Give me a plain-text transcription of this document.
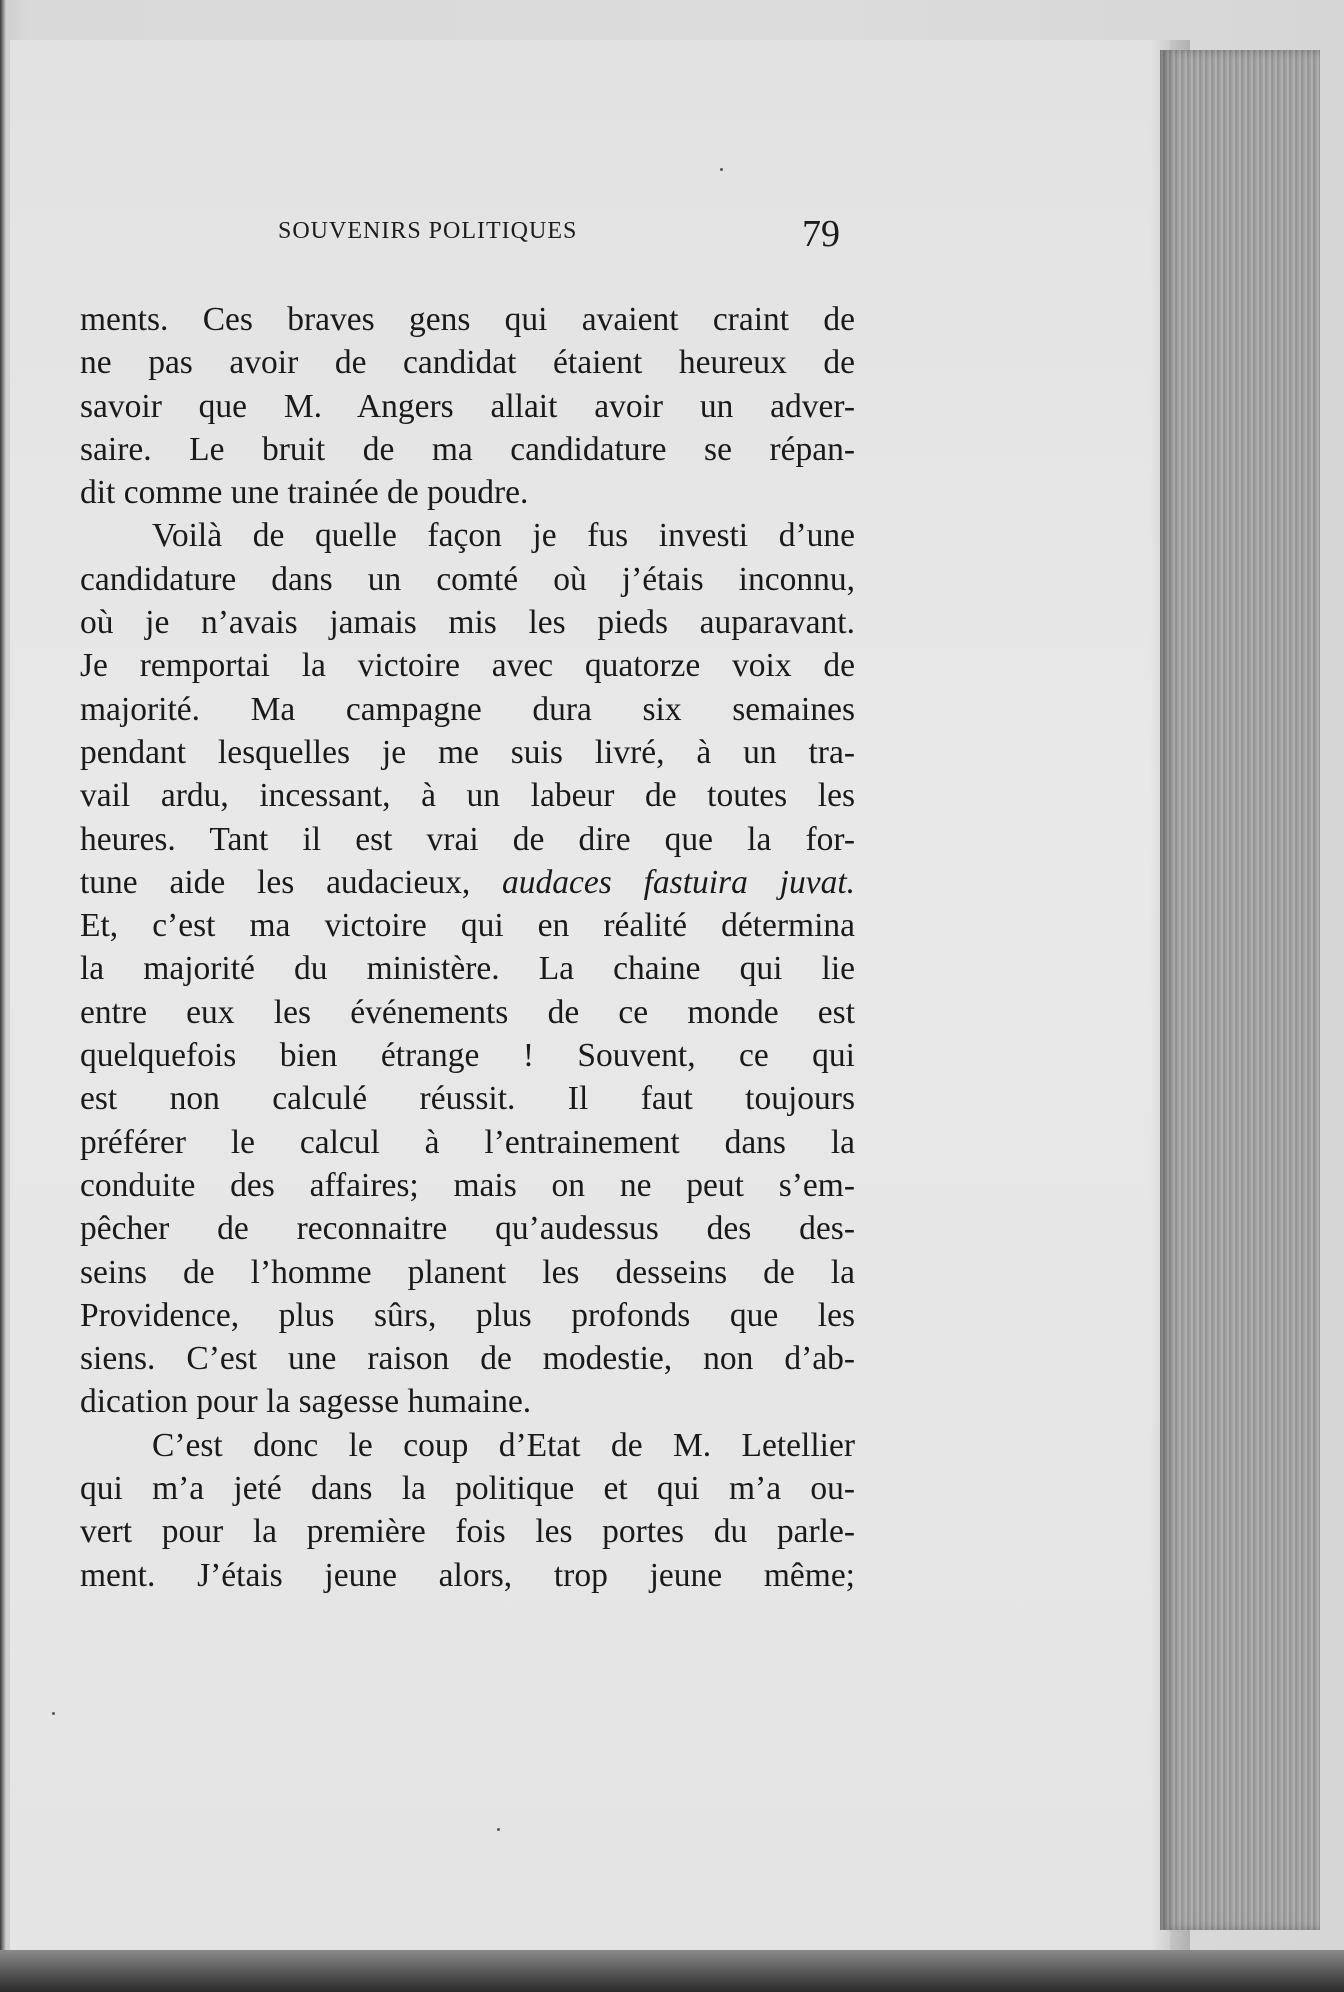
SOUVENIRS POLITIQUES	79
ments. Ces braves gens qui avaient craint de
ne pas avoir de candidat étaient heureux de
savoir que M. Angers allait avoir un adver-
saire. Le bruit de ma candidature se répan-
dit comme une trainée de poudre.
Voilà de quelle façon je fus investi d’une
candidature dans un comté où j’étais inconnu,
où je n’avais jamais mis les pieds auparavant.
Je remportai la victoire avec quatorze voix de
majorité. Ma campagne dura six semaines
pendant lesquelles je me suis livré, à un tra-
vail ardu, incessant, à un labeur de toutes les
heures. Tant il est vrai de dire que la for-
tune aide les audacieux, audaces fastuira juvat.
Et, c’est ma victoire qui en réalité détermina
la majorité du ministère. La chaine qui lie
entre eux les événements de ce monde est
quelquefois bien étrange ! Souvent, ce qui
est non calculé réussit. Il faut toujours
préférer le calcul à l’entrainement dans la
conduite des affaires; mais on ne peut s’em-
pêcher de reconnaitre qu’audessus des des-
seins de l’homme planent les desseins de la
Providence, plus sûrs, plus profonds que les
siens. C’est une raison de modestie, non d’ab-
dication pour la sagesse humaine.
C’est donc le coup d’Etat de M. Letellier
qui m’a jeté dans la politique et qui m’a ou-
vert pour la première fois les portes du parle-
ment. J’étais jeune alors, trop jeune même;
